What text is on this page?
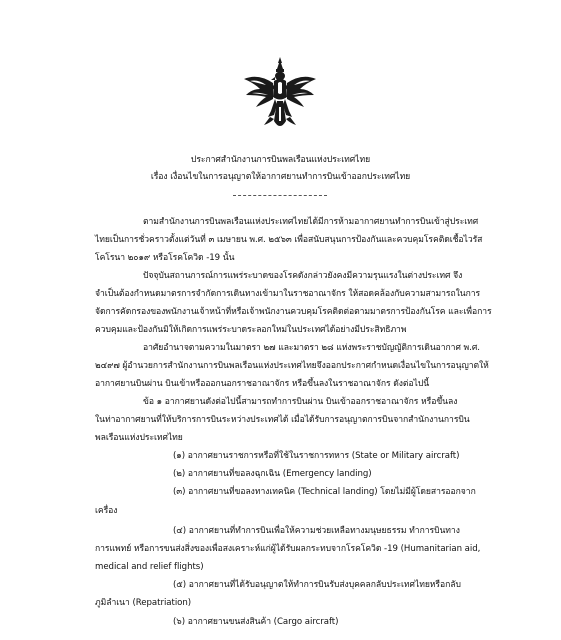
ประกาศสำนักงานการบินพลเรือนแห่งประเทศไทย
เรื่อง เงื่อนไขในการอนุญาตให้อากาศยานทำการบินเข้าออกประเทศไทย
ตามสำนักงานการบินพลเรือนแห่งประเทศไทยได้มีการห้ามอากาศยานทำการบินเข้าสู่ประเทศ
ไทยเป็นการชั่วคราวตั้งแต่วันที่ ๓ เมษายน พ.ศ. ๒๕๖๓ เพื่อสนับสนุนการป้องกันและควบคุมโรคติดเชื้อไวรัส
โคโรนา ๒๐๑๙ หรือโรคโควิด -19 นั้น
ปัจจุบันสถานการณ์การแพร่ระบาดของโรคดังกล่าวยังคงมีความรุนแรงในต่างประเทศ จึง
จำเป็นต้องกำหนดมาตรการจำกัดการเดินทางเข้ามาในราชอาณาจักร ให้สอดคล้องกับความสามารถในการ
จัดการคัดกรองของพนักงานเจ้าหน้าที่หรือเจ้าพนักงานควบคุมโรคติดต่อตามมาตรการป้องกันโรค และเพื่อการ
ควบคุมและป้องกันมิให้เกิดการแพร่ระบาดระลอกใหม่ในประเทศได้อย่างมีประสิทธิภาพ
อาศัยอำนาจตามความในมาตรา ๒๗ และมาตรา ๒๘ แห่งพระราชบัญญัติการเดินอากาศ พ.ศ.
๒๔๙๗ ผู้อำนวยการสำนักงานการบินพลเรือนแห่งประเทศไทยจึงออกประกาศกำหนดเงื่อนไขในการอนุญาตให้
อากาศยานบินผ่าน บินเข้าหรือออกนอกราชอาณาจักร หรือขึ้นลงในราชอาณาจักร ดังต่อไปนี้
ข้อ ๑ อากาศยานดังต่อไปนี้สามารถทำการบินผ่าน บินเข้าออกราชอาณาจักร หรือขึ้นลง
ในท่าอากาศยานที่ให้บริการการบินระหว่างประเทศได้ เมื่อได้รับการอนุญาตการบินจากสำนักงานการบิน
พลเรือนแห่งประเทศไทย
(๑) อากาศยานราชการหรือที่ใช้ในราชการทหาร (State or Military aircraft)
(๒) อากาศยานที่ขอลงฉุกเฉิน (Emergency landing)
(๓) อากาศยานที่ขอลงทางเทคนิค (Technical landing) โดยไม่มีผู้โดยสารออกจาก
เครื่อง
(๔) อากาศยานที่ทำการบินเพื่อให้ความช่วยเหลือทางมนุษยธรรม ทำการบินทาง
การแพทย์ หรือการขนส่งสิ่งของเพื่อสงเคราะห์แก่ผู้ได้รับผลกระทบจากโรคโควิด -19 (Humanitarian aid,
medical and relief flights)
(๕) อากาศยานที่ได้รับอนุญาตให้ทำการบินรับส่งบุคคลกลับประเทศไทยหรือกลับ
ภูมิลำเนา (Repatriation)
(๖) อากาศยานขนส่งสินค้า (Cargo aircraft)
